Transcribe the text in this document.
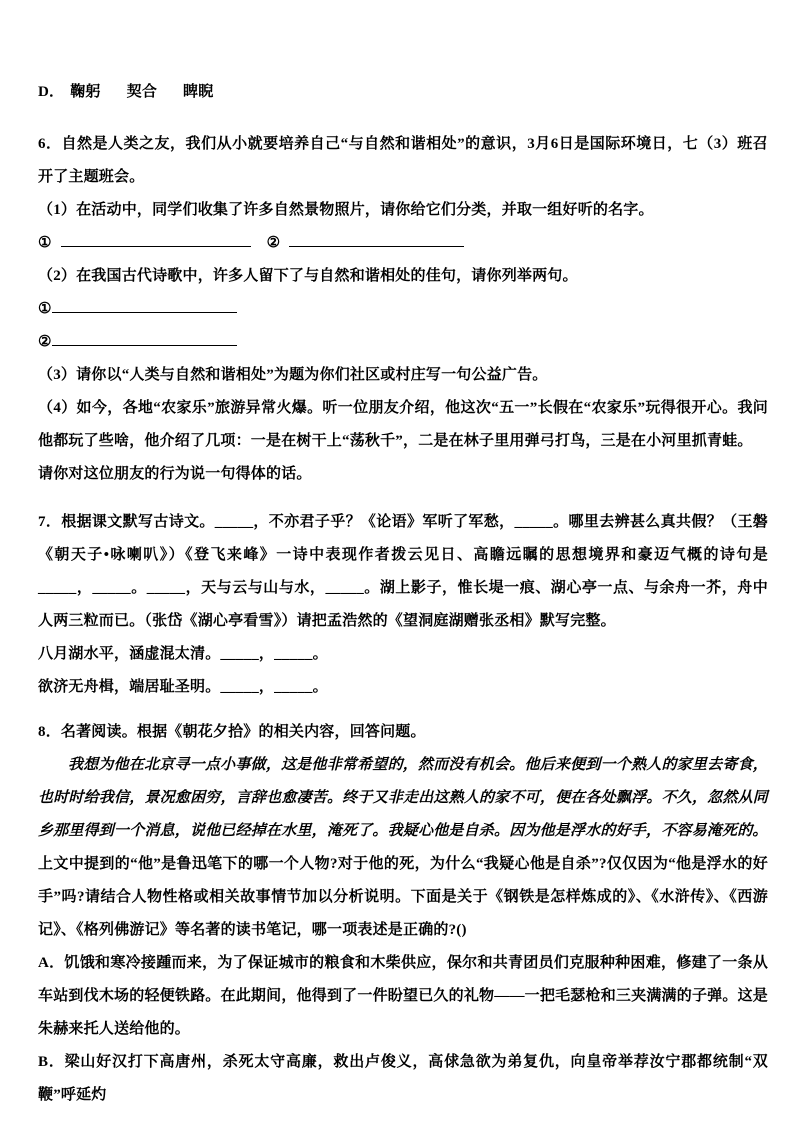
D． 鞠躬 契合 睥睨

6．自然是人类之友，我们从小就要培养自己“与自然和谐相处”的意识，3月6日是国际环境日，七（3）班召开了主题班会。

（1）在活动中，同学们收集了许多自然景物照片，请你给它们分类，并取一组好听的名字。

①	②

（2）在我国古代诗歌中，许多人留下了与自然和谐相处的佳句，请你列举两句。

①

②

（3）请你以“人类与自然和谐相处”为题为你们社区或村庄写一句公益广告。

（4）如今，各地“农家乐”旅游异常火爆。听一位朋友介绍，他这次“五一”长假在“农家乐”玩得很开心。我问他都玩了些啥，他介绍了几项：一是在树干上“荡秋千”，二是在林子里用弹弓打鸟，三是在小河里抓青蛙。

请你对这位朋友的行为说一句得体的话。

7．根据课文默写古诗文。_____，不亦君子乎？《论语》军听了军愁，_____。哪里去辨甚么真共假？（王磐《朝天子•咏喇叭》）《登飞来峰》一诗中表现作者拨云见日、高瞻远瞩的思想境界和豪迈气概的诗句是 _____，_____。_____，天与云与山与水，_____。湖上影子，惟长堤一痕、湖心亭一点、与余舟一芥，舟中人两三粒而已。（张岱《湖心亭看雪》）请把孟浩然的《望洞庭湖赠张丞相》默写完整。

八月湖水平，涵虚混太清。_____，_____。

欲济无舟楫，端居耻圣明。_____，_____。

8．名著阅读。根据《朝花夕拾》的相关内容，回答问题。

我想为他在北京寻一点小事做，这是他非常希望的，然而没有机会。他后来便到一个熟人的家里去寄食，也时时给我信，景况愈困穷，言辞也愈凄苦。终于又非走出这熟人的家不可，便在各处飘浮。不久，忽然从同乡那里得到一个消息，说他已经掉在水里，淹死了。我疑心他是自杀。因为他是浮水的好手，不容易淹死的。

上文中提到的“他”是鲁迅笔下的哪一个人物?对于他的死，为什么“我疑心他是自杀”?仅仅因为“他是浮水的好手”吗?请结合人物性格或相关故事情节加以分析说明。下面是关于《钢铁是怎样炼成的》、《水浒传》、《西游记》、《格列佛游记》等名著的读书笔记，哪一项表述是正确的?()

A．饥饿和寒冷接踵而来，为了保证城市的粮食和木柴供应，保尔和共青团员们克服种种困难，修建了一条从车站到伐木场的轻便铁路。在此期间，他得到了一件盼望已久的礼物——一把毛瑟枪和三夹满满的子弹。这是朱赫来托人送给他的。

B．梁山好汉打下高唐州，杀死太守高廉，救出卢俊义，高俅急欲为弟复仇，向皇帝举荐汝宁郡都统制“双鞭”呼延灼
